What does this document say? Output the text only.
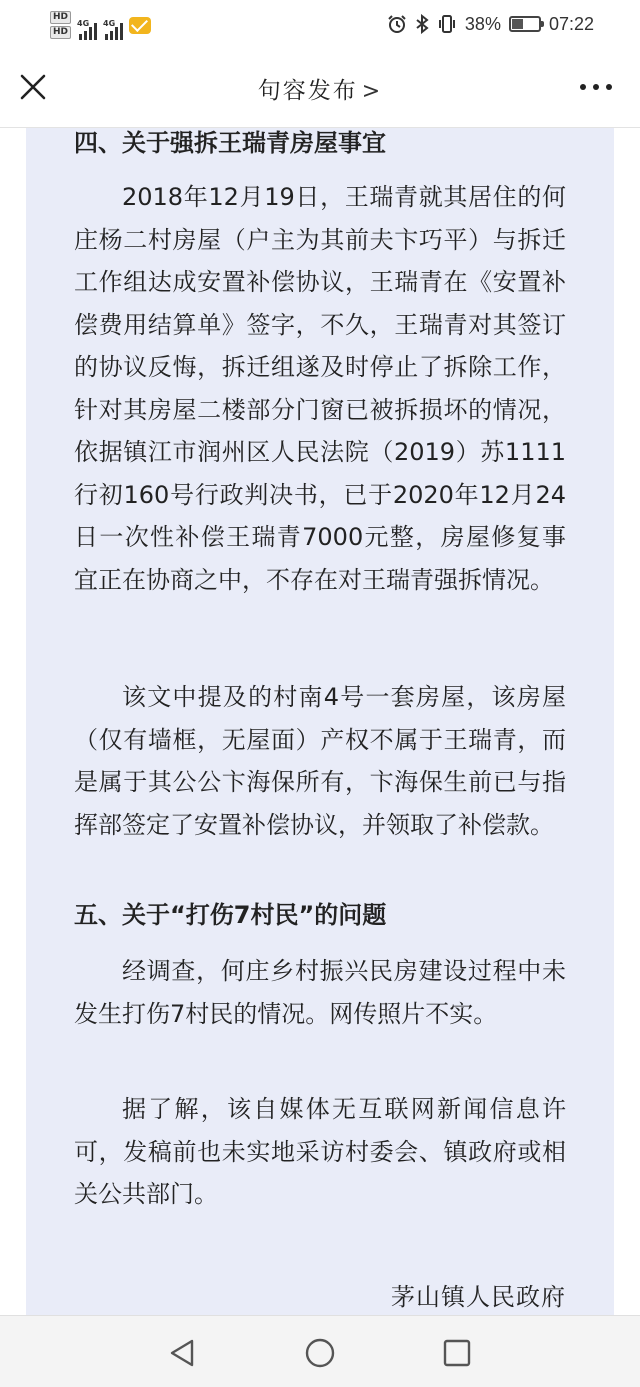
HD
HD
4G 4G	38%	07:22
句容发布 >

四、关于强拆王瑞青房屋事宜

2018年12月19日，王瑞青就其居住的何庄杨二村房屋（户主为其前夫卞巧平）与拆迁工作组达成安置补偿协议，王瑞青在《安置补偿费用结算单》签字，不久，王瑞青对其签订的协议反悔，拆迁组遂及时停止了拆除工作，针对其房屋二楼部分门窗已被拆损坏的情况，依据镇江市润州区人民法院（2019）苏1111行初160号行政判决书，已于2020年12月24日一次性补偿王瑞青7000元整，房屋修复事宜正在协商之中，不存在对王瑞青强拆情况。

该文中提及的村南4号一套房屋，该房屋（仅有墙框，无屋面）产权不属于王瑞青，而是属于其公公卞海保所有，卞海保生前已与指挥部签定了安置补偿协议，并领取了补偿款。

五、关于“打伤7村民”的问题

经调查，何庄乡村振兴民房建设过程中未发生打伤7村民的情况。网传照片不实。

据了解，该自媒体无互联网新闻信息许可，发稿前也未实地采访村委会、镇政府或相关公共部门。

茅山镇人民政府
